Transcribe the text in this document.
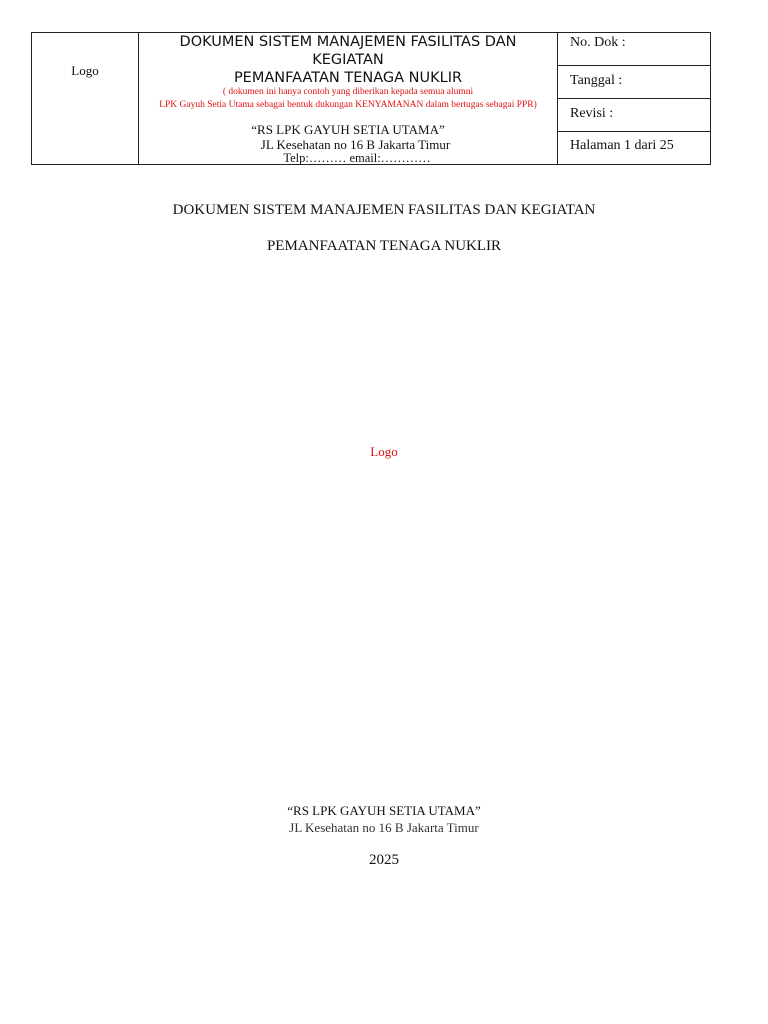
Logo

DOKUMEN SISTEM MANAJEMEN FASILITAS DAN KEGIATAN
PEMANFAATAN TENAGA NUKLIR
( dokumen ini hanya contoh yang diberikan kepada semua alumni
LPK Gayuh Setia Utama sebagai bentuk dukungan KENYAMANAN dalam bertugas sebagai PPR)
“RS LPK GAYUH SETIA UTAMA”
JL Kesehatan no 16 B Jakarta Timur
Telp:……… email:…………

No. Dok :

Tanggal :

Revisi :

Halaman 1 dari 25
DOKUMEN SISTEM MANAJEMEN FASILITAS DAN KEGIATAN
PEMANFAATAN TENAGA NUKLIR
Logo
“RS LPK GAYUH SETIA UTAMA”
JL Kesehatan no 16 B Jakarta Timur
2025
